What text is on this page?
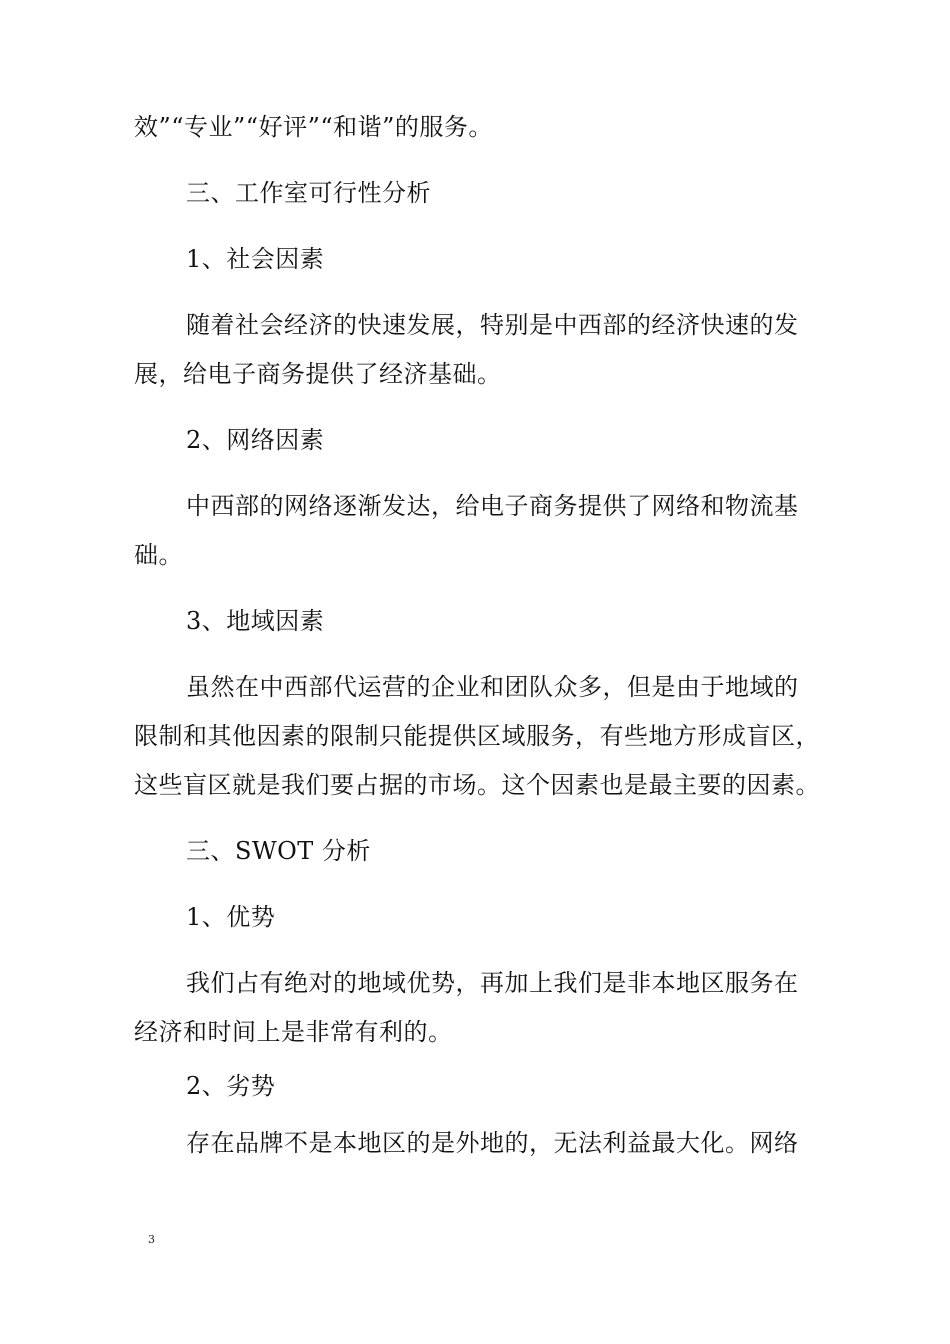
效”“专业”“好评”“和谐”的服务。
三、工作室可行性分析
1、社会因素
随着社会经济的快速发展，特别是中西部的经济快速的发
展，给电子商务提供了经济基础。
2、网络因素
中西部的网络逐渐发达，给电子商务提供了网络和物流基
础。
3、地域因素
虽然在中西部代运营的企业和团队众多，但是由于地域的
限制和其他因素的限制只能提供区域服务，有些地方形成盲区，
这些盲区就是我们要占据的市场。这个因素也是最主要的因素。
三、SWOT 分析
1、优势
我们占有绝对的地域优势，再加上我们是非本地区服务在
经济和时间上是非常有利的。
2、劣势
存在品牌不是本地区的是外地的，无法利益最大化。网络
3
